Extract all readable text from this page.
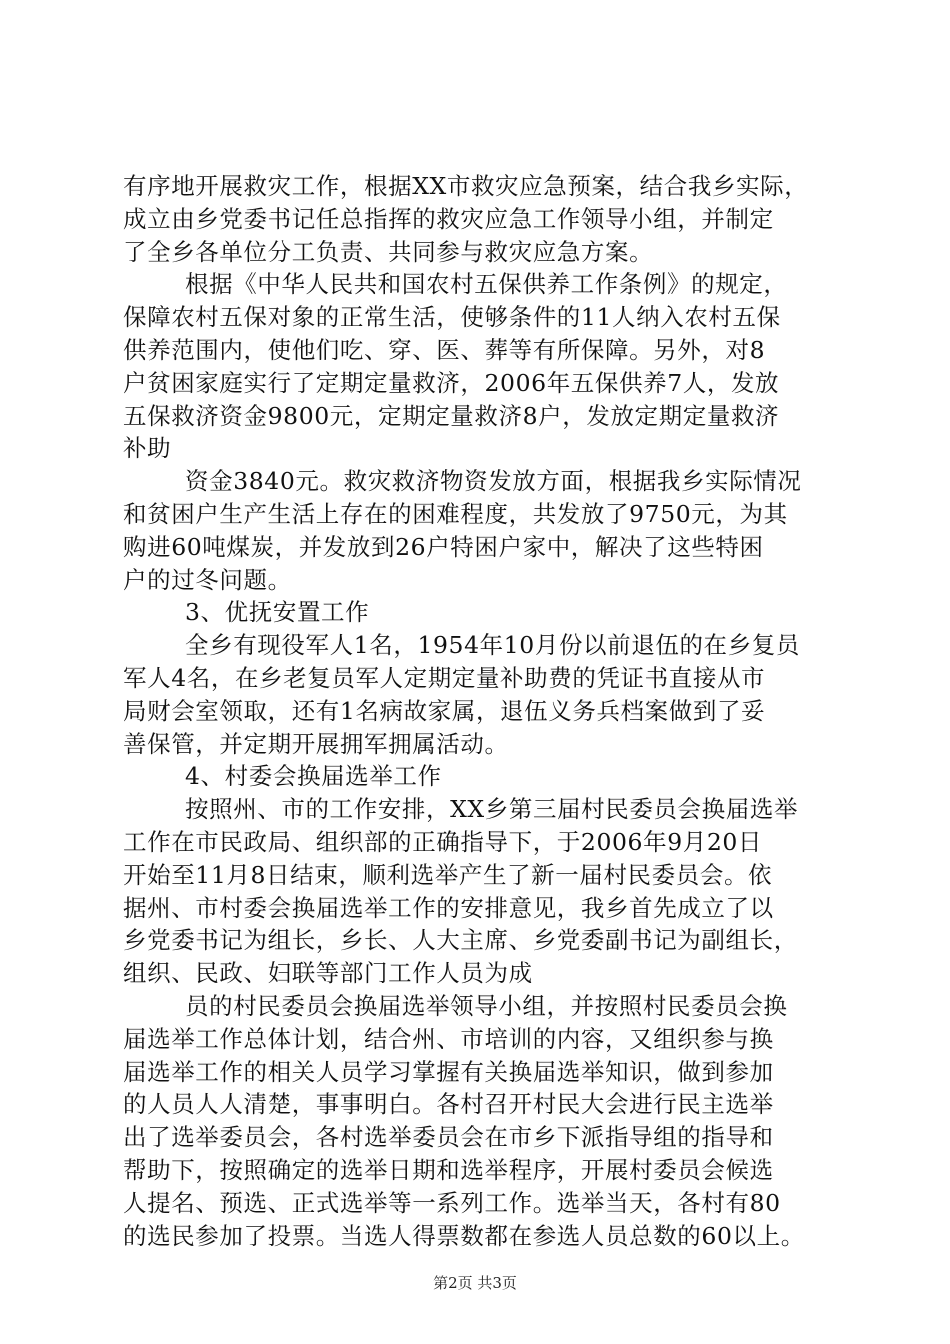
有序地开展救灾工作，根据XX市救灾应急预案，结合我乡实际，
成立由乡党委书记任总指挥的救灾应急工作领导小组，并制定
了全乡各单位分工负责、共同参与救灾应急方案。
根据《中华人民共和国农村五保供养工作条例》的规定，
保障农村五保对象的正常生活，使够条件的11人纳入农村五保
供养范围内，使他们吃、穿、医、葬等有所保障。另外，对8
户贫困家庭实行了定期定量救济，2006年五保供养7人，发放
五保救济资金9800元，定期定量救济8户，发放定期定量救济
补助
资金3840元。救灾救济物资发放方面，根据我乡实际情况
和贫困户生产生活上存在的困难程度，共发放了9750元，为其
购进60吨煤炭，并发放到26户特困户家中，解决了这些特困
户的过冬问题。
3、优抚安置工作
全乡有现役军人1名，1954年10月份以前退伍的在乡复员
军人4名，在乡老复员军人定期定量补助费的凭证书直接从市
局财会室领取，还有1名病故家属，退伍义务兵档案做到了妥
善保管，并定期开展拥军拥属活动。
4、村委会换届选举工作
按照州、市的工作安排，XX乡第三届村民委员会换届选举
工作在市民政局、组织部的正确指导下，于2006年9月20日
开始至11月8日结束，顺利选举产生了新一届村民委员会。依
据州、市村委会换届选举工作的安排意见，我乡首先成立了以
乡党委书记为组长，乡长、人大主席、乡党委副书记为副组长，
组织、民政、妇联等部门工作人员为成
员的村民委员会换届选举领导小组，并按照村民委员会换
届选举工作总体计划，结合州、市培训的内容，又组织参与换
届选举工作的相关人员学习掌握有关换届选举知识，做到参加
的人员人人清楚，事事明白。各村召开村民大会进行民主选举
出了选举委员会，各村选举委员会在市乡下派指导组的指导和
帮助下，按照确定的选举日期和选举程序，开展村委员会候选
人提名、预选、正式选举等一系列工作。选举当天，各村有80
的选民参加了投票。当选人得票数都在参选人员总数的60以上。
第2页 共3页
